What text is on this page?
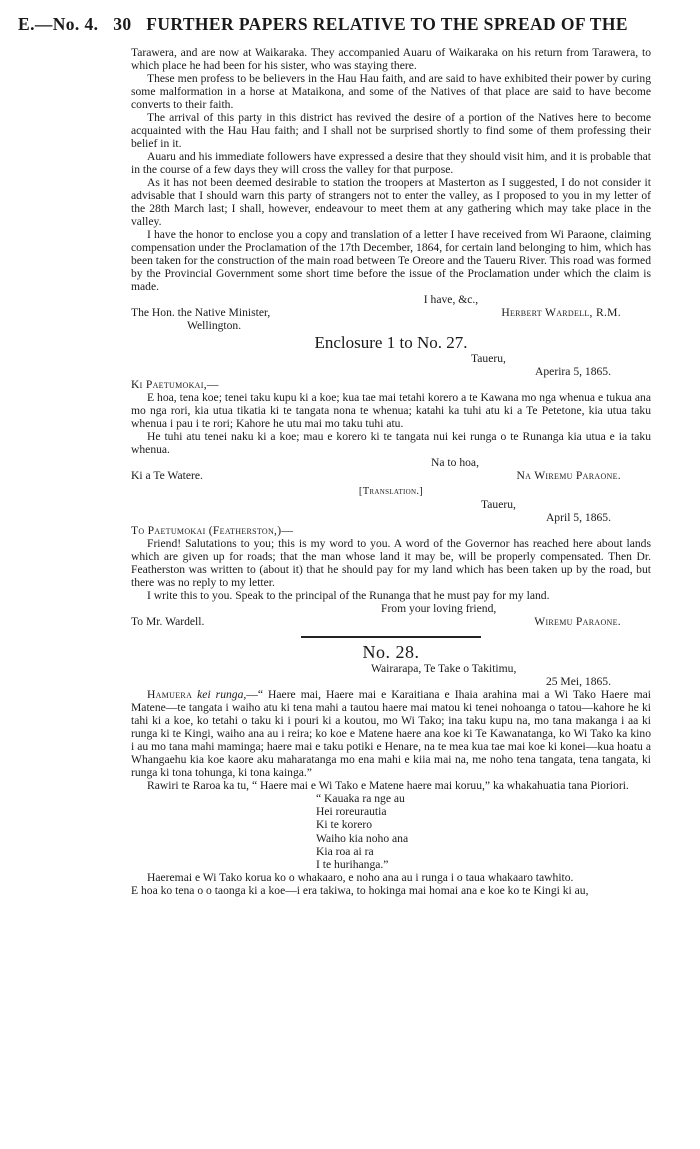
E.—No. 4. 30 FURTHER PAPERS RELATIVE TO THE SPREAD OF THE

Tarawera, and are now at Waikaraka. They accompanied Auaru of Waikaraka on his return from Tarawera, to which place he had been for his sister, who was staying there.

These men profess to be believers in the Hau Hau faith, and are said to have exhibited their power by curing some malformation in a horse at Mataikona, and some of the Natives of that place are said to have become converts to their faith.

The arrival of this party in this district has revived the desire of a portion of the Natives here to become acquainted with the Hau Hau faith; and I shall not be surprised shortly to find some of them professing their belief in it.

Auaru and his immediate followers have expressed a desire that they should visit him, and it is probable that in the course of a few days they will cross the valley for that purpose.

As it has not been deemed desirable to station the troopers at Masterton as I suggested, I do not consider it advisable that I should warn this party of strangers not to enter the valley, as I proposed to you in my letter of the 28th March last; I shall, however, endeavour to meet them at any gathering which may take place in the valley.

I have the honor to enclose you a copy and translation of a letter I have received from Wi Paraone, claiming compensation under the Proclamation of the 17th December, 1864, for certain land belonging to him, which has been taken for the construction of the main road between Te Oreore and the Taueru River. This road was formed by the Provincial Government some short time before the issue of the Proclamation under which the claim is made.

I have, &c.,
The Hon. the Native Minister,	Herbert Wardell, R.M.
Wellington.
Enclosure 1 to No. 27.
Taueru,
Aperira 5, 1865.
Ki Paetumokai,—

E hoa, tena koe; tenei taku kupu ki a koe; kua tae mai tetahi korero a te Kawana mo nga whenua e tukua ana mo nga rori, kia utua tikatia ki te tangata nona te whenua; katahi ka tuhi atu ki a Te Petetone, kia utua taku whenua i pau i te rori; Kahore he utu mai mo taku tuhi atu.

He tuhi atu tenei naku ki a koe; mau e korero ki te tangata nui kei runga o te Runanga kia utua e ia taku whenua.

Na to hoa,
Ki a Te Watere.	Na Wiremu Paraone.
[Translation.]
Taueru,
April 5, 1865.
To Paetumokai (Featherston,)—

Friend! Salutations to you; this is my word to you. A word of the Governor has reached here about lands which are given up for roads; that the man whose land it may be, will be properly compensated. Then Dr. Featherston was written to (about it) that he should pay for my land which has been taken up by the road, but there was no reply to my letter.

I write this to you. Speak to the principal of the Runanga that he must pay for my land.

From your loving friend,
To Mr. Wardell.	Wiremu Paraone.
No. 28.
Wairarapa, Te Take o Takitimu,
25 Mei, 1865.

Hamuera kei runga,—“ Haere mai, Haere mai e Karaitiana e Ihaia arahina mai a Wi Tako Haere mai Matene—te tangata i waiho atu ki tena mahi a tautou haere mai matou ki tenei nohoanga o tatou—kahore he ki tahi ki a koe, ko tetahi o taku ki i pouri ki a koutou, mo Wi Tako; ina taku kupu na, mo tana makanga i aa ki runga ki te Kingi, waiho ana au i reira; ko koe e Matene haere ana koe ki Te Kawanatanga, ko Wi Tako ka kino i au mo tana mahi maminga; haere mai e taku potiki e Henare, na te mea kua tae mai koe ki konei—kua hoatu a Whangaehu kia koe kaore aku maharatanga mo ena mahi e kiia mai na, me noho tena tangata, tena tangata, ki runga ki tona tohunga, ki tona kainga.”

Rawiri te Raroa ka tu, “ Haere mai e Wi Tako e Matene haere mai koruu,” ka whakahuatia tana Pioriori.

“ Kauaka ra nge au
Hei roreurautia
Ki te korero
Waiho kia noho ana
Kia roa ai ra
I te hurihanga.”

Haeremai e Wi Tako korua ko o whakaaro, e noho ana au i runga i o taua whakaaro tawhito.

E hoa ko tena o o taonga ki a koe—i era takiwa, to hokinga mai homai ana e koe ko te Kingi ki au,
